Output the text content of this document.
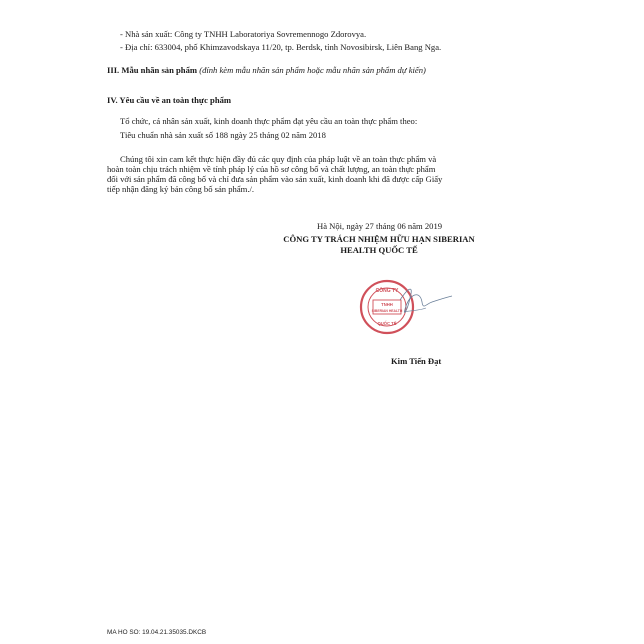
- Nhà sản xuất: Công ty TNHH Laboratoriya Sovremennogo Zdorovya.
- Địa chỉ: 633004, phố Khimzavodskaya 11/20, tp. Berdsk, tỉnh Novosibirsk, Liên Bang Nga.
III. Mẫu nhãn sản phẩm (đính kèm mẫu nhãn sản phẩm hoặc mẫu nhãn sản phẩm dự kiến)
IV. Yêu cầu về an toàn thực phẩm
Tổ chức, cá nhân sản xuất, kinh doanh thực phẩm đạt yêu cầu an toàn thực phẩm theo:
Tiêu chuẩn nhà sản xuất số 188 ngày 25 tháng 02 năm 2018
Chúng tôi xin cam kết thực hiện đầy đủ các quy định của pháp luật về an toàn thực phẩm và
hoàn toàn chịu trách nhiệm về tính pháp lý của hồ sơ công bố và chất lượng, an toàn thực phẩm
đối với sản phẩm đã công bố và chỉ đưa sản phẩm vào sản xuất, kinh doanh khi đã được cấp Giấy
tiếp nhận đăng ký bản công bố sản phẩm./.
Hà Nội, ngày 27 tháng 06 năm 2019
CÔNG TY TRÁCH NHIỆM HỮU HẠN SIBERIAN
HEALTH QUỐC TẾ
CÔNG TY
TNHH
SIBERIAN HEALTH
QUỐC TẾ
Kim Tiến Đạt
MA HO SO: 19.04.21.35035.DKCB
